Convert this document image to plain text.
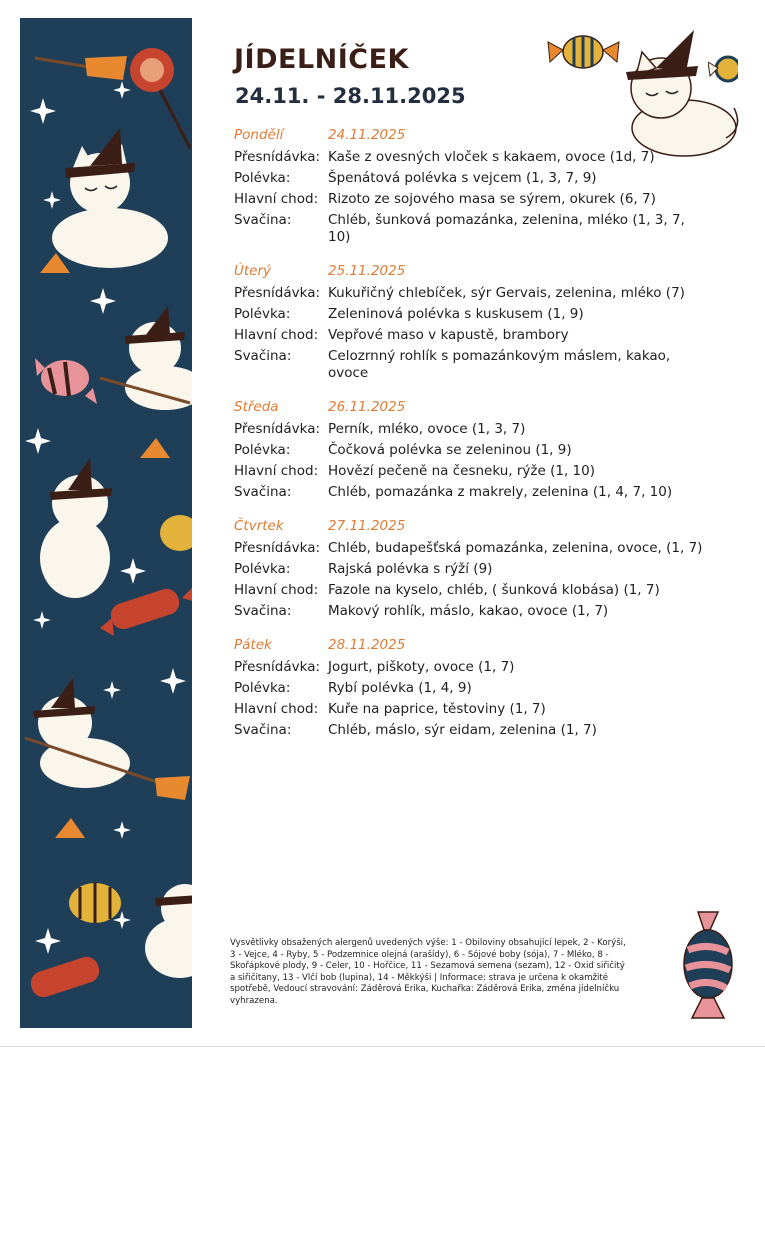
JÍDELNÍČEK

24.11. - 28.11.2025

Pondělí	24.11.2025
Přesnídávka: Kaše z ovesných vloček s kakaem, ovoce (1d, 7)
Polévka:	Špenátová polévka s vejcem (1, 3, 7, 9)
Hlavní chod: Rizoto ze sojového masa se sýrem, okurek (6, 7)
Svačina:	Chléb, šunková pomazánka, zelenina, mléko (1, 3, 7, 10)
Úterý	25.11.2025
Přesnídávka: Kukuřičný chlebíček, sýr Gervais, zelenina, mléko (7)
Polévka:	Zeleninová polévka s kuskusem (1, 9)
Hlavní chod: Vepřové maso v kapustě, brambory
Svačina:	Celozrnný rohlík s pomazánkovým máslem, kakao, ovoce
Středa	26.11.2025
Přesnídávka: Perník, mléko, ovoce (1, 3, 7)
Polévka:	Čočková polévka se zeleninou (1, 9)
Hlavní chod: Hovězí pečeně na česneku, rýže (1, 10)
Svačina:	Chléb, pomazánka z makrely, zelenina (1, 4, 7, 10)
Čtvrtek	27.11.2025
Přesnídávka: Chléb, budapešťská pomazánka, zelenina, ovoce, (1, 7)
Polévka:	Rajská polévka s rýží (9)
Hlavní chod: Fazole na kyselo, chléb, ( šunková klobása) (1, 7)
Svačina:	Makový rohlík, máslo, kakao, ovoce (1, 7)
Pátek	28.11.2025
Přesnídávka: Jogurt, piškoty, ovoce (1, 7)
Polévka:	Rybí polévka (1, 4, 9)
Hlavní chod: Kuře na paprice, těstoviny (1, 7)
Svačina:	Chléb, máslo, sýr eidam, zelenina (1, 7)

Vysvětlivky obsažených alergenů uvedených výše: 1 - Obiloviny obsahující lepek, 2 - Korýši, 3 - Vejce, 4 - Ryby, 5 - Podzemnice olejná (arašídy), 6 - Sójové boby (sója), 7 - Mléko, 8 - Skořápkové plody, 9 - Celer, 10 - Hořčice, 11 - Sezamová semena (sezam), 12 - Oxid siřičitý a siřičitany, 13 - Vlčí bob (lupina), 14 - Měkkýši | Informace: strava je určena k okamžité spotřebě, Vedoucí stravování: Záděrová Erika, Kuchařka: Záděrová Erika, změna jídelníčku vyhrazena.
